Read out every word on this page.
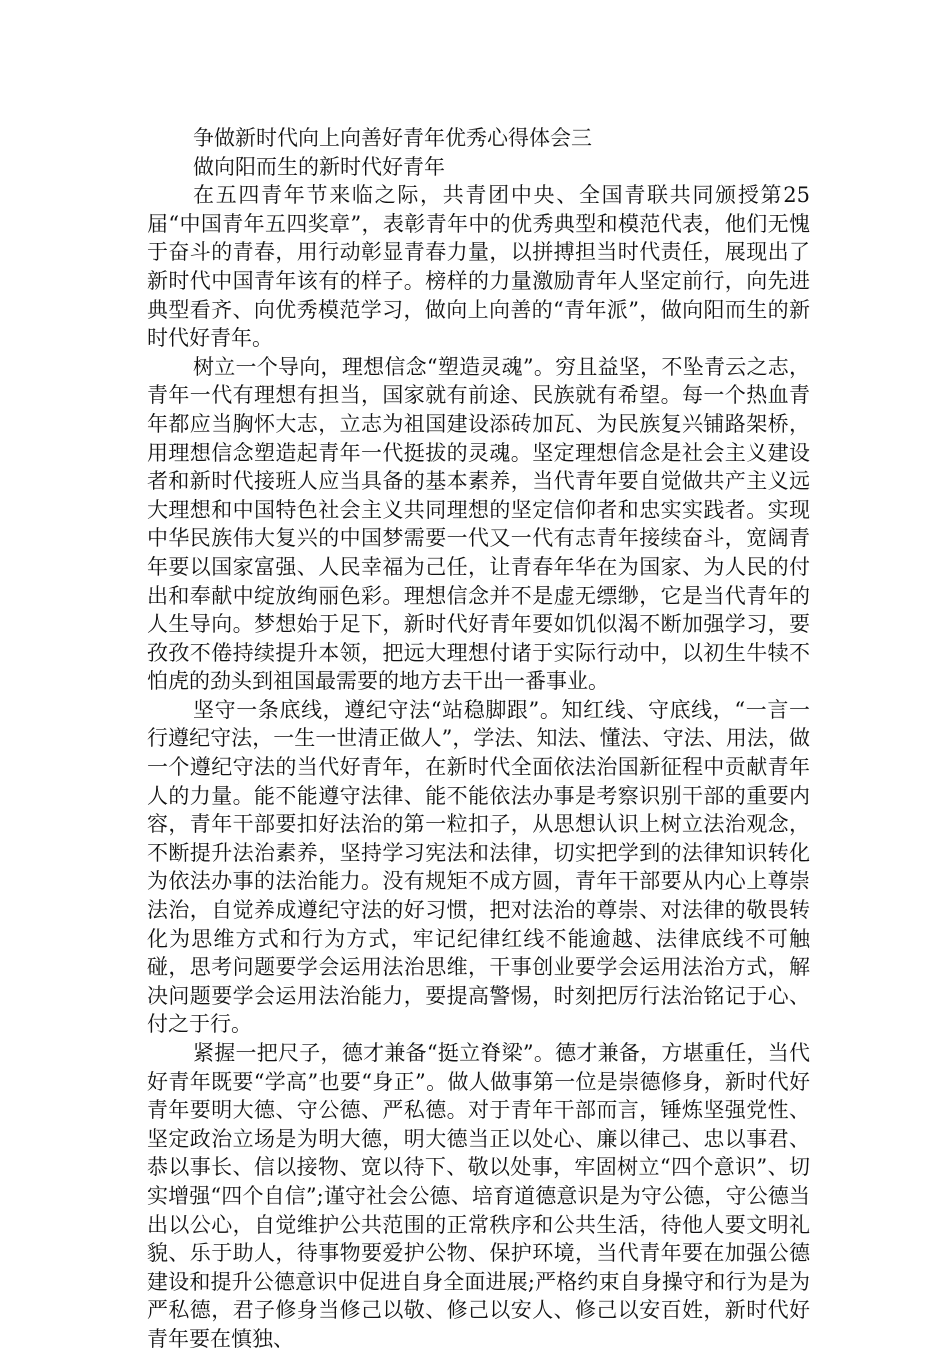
争做新时代向上向善好青年优秀心得体会三
做向阳而生的新时代好青年

在五四青年节来临之际，共青团中央、全国青联共同颁授第25届“中国青年五四奖章”，表彰青年中的优秀典型和模范代表，他们无愧于奋斗的青春，用行动彰显青春力量，以拼搏担当时代责任，展现出了新时代中国青年该有的样子。榜样的力量激励青年人坚定前行，向先进典型看齐、向优秀模范学习，做向上向善的“青年派”，做向阳而生的新时代好青年。

树立一个导向，理想信念“塑造灵魂”。穷且益坚，不坠青云之志，青年一代有理想有担当，国家就有前途、民族就有希望。每一个热血青年都应当胸怀大志，立志为祖国建设添砖加瓦、为民族复兴铺路架桥，用理想信念塑造起青年一代挺拔的灵魂。坚定理想信念是社会主义建设者和新时代接班人应当具备的基本素养，当代青年要自觉做共产主义远大理想和中国特色社会主义共同理想的坚定信仰者和忠实实践者。实现中华民族伟大复兴的中国梦需要一代又一代有志青年接续奋斗，宽阔青年要以国家富强、人民幸福为己任，让青春年华在为国家、为人民的付出和奉献中绽放绚丽色彩。理想信念并不是虚无缥缈，它是当代青年的人生导向。梦想始于足下，新时代好青年要如饥似渴不断加强学习，要孜孜不倦持续提升本领，把远大理想付诸于实际行动中，以初生牛犊不怕虎的劲头到祖国最需要的地方去干出一番事业。

坚守一条底线，遵纪守法“站稳脚跟”。知红线、守底线，“一言一行遵纪守法，一生一世清正做人”，学法、知法、懂法、守法、用法，做一个遵纪守法的当代好青年，在新时代全面依法治国新征程中贡献青年人的力量。能不能遵守法律、能不能依法办事是考察识别干部的重要内容，青年干部要扣好法治的第一粒扣子，从思想认识上树立法治观念，不断提升法治素养，坚持学习宪法和法律，切实把学到的法律知识转化为依法办事的法治能力。没有规矩不成方圆，青年干部要从内心上尊崇法治，自觉养成遵纪守法的好习惯，把对法治的尊崇、对法律的敬畏转化为思维方式和行为方式，牢记纪律红线不能逾越、法律底线不可触碰，思考问题要学会运用法治思维，干事创业要学会运用法治方式，解决问题要学会运用法治能力，要提高警惕，时刻把厉行法治铭记于心、付之于行。

紧握一把尺子，德才兼备“挺立脊梁”。德才兼备，方堪重任，当代好青年既要“学高”也要“身正”。做人做事第一位是崇德修身，新时代好青年要明大德、守公德、严私德。对于青年干部而言，锤炼坚强党性、坚定政治立场是为明大德，明大德当正以处心、廉以律己、忠以事君、恭以事长、信以接物、宽以待下、敬以处事，牢固树立“四个意识”、切实增强“四个自信”;谨守社会公德、培育道德意识是为守公德，守公德当出以公心，自觉维护公共范围的正常秩序和公共生活，待他人要文明礼貌、乐于助人，待事物要爱护公物、保护环境，当代青年要在加强公德建设和提升公德意识中促进自身全面进展;严格约束自身操守和行为是为严私德，君子修身当修己以敬、修己以安人、修己以安百姓，新时代好青年要在慎独、
